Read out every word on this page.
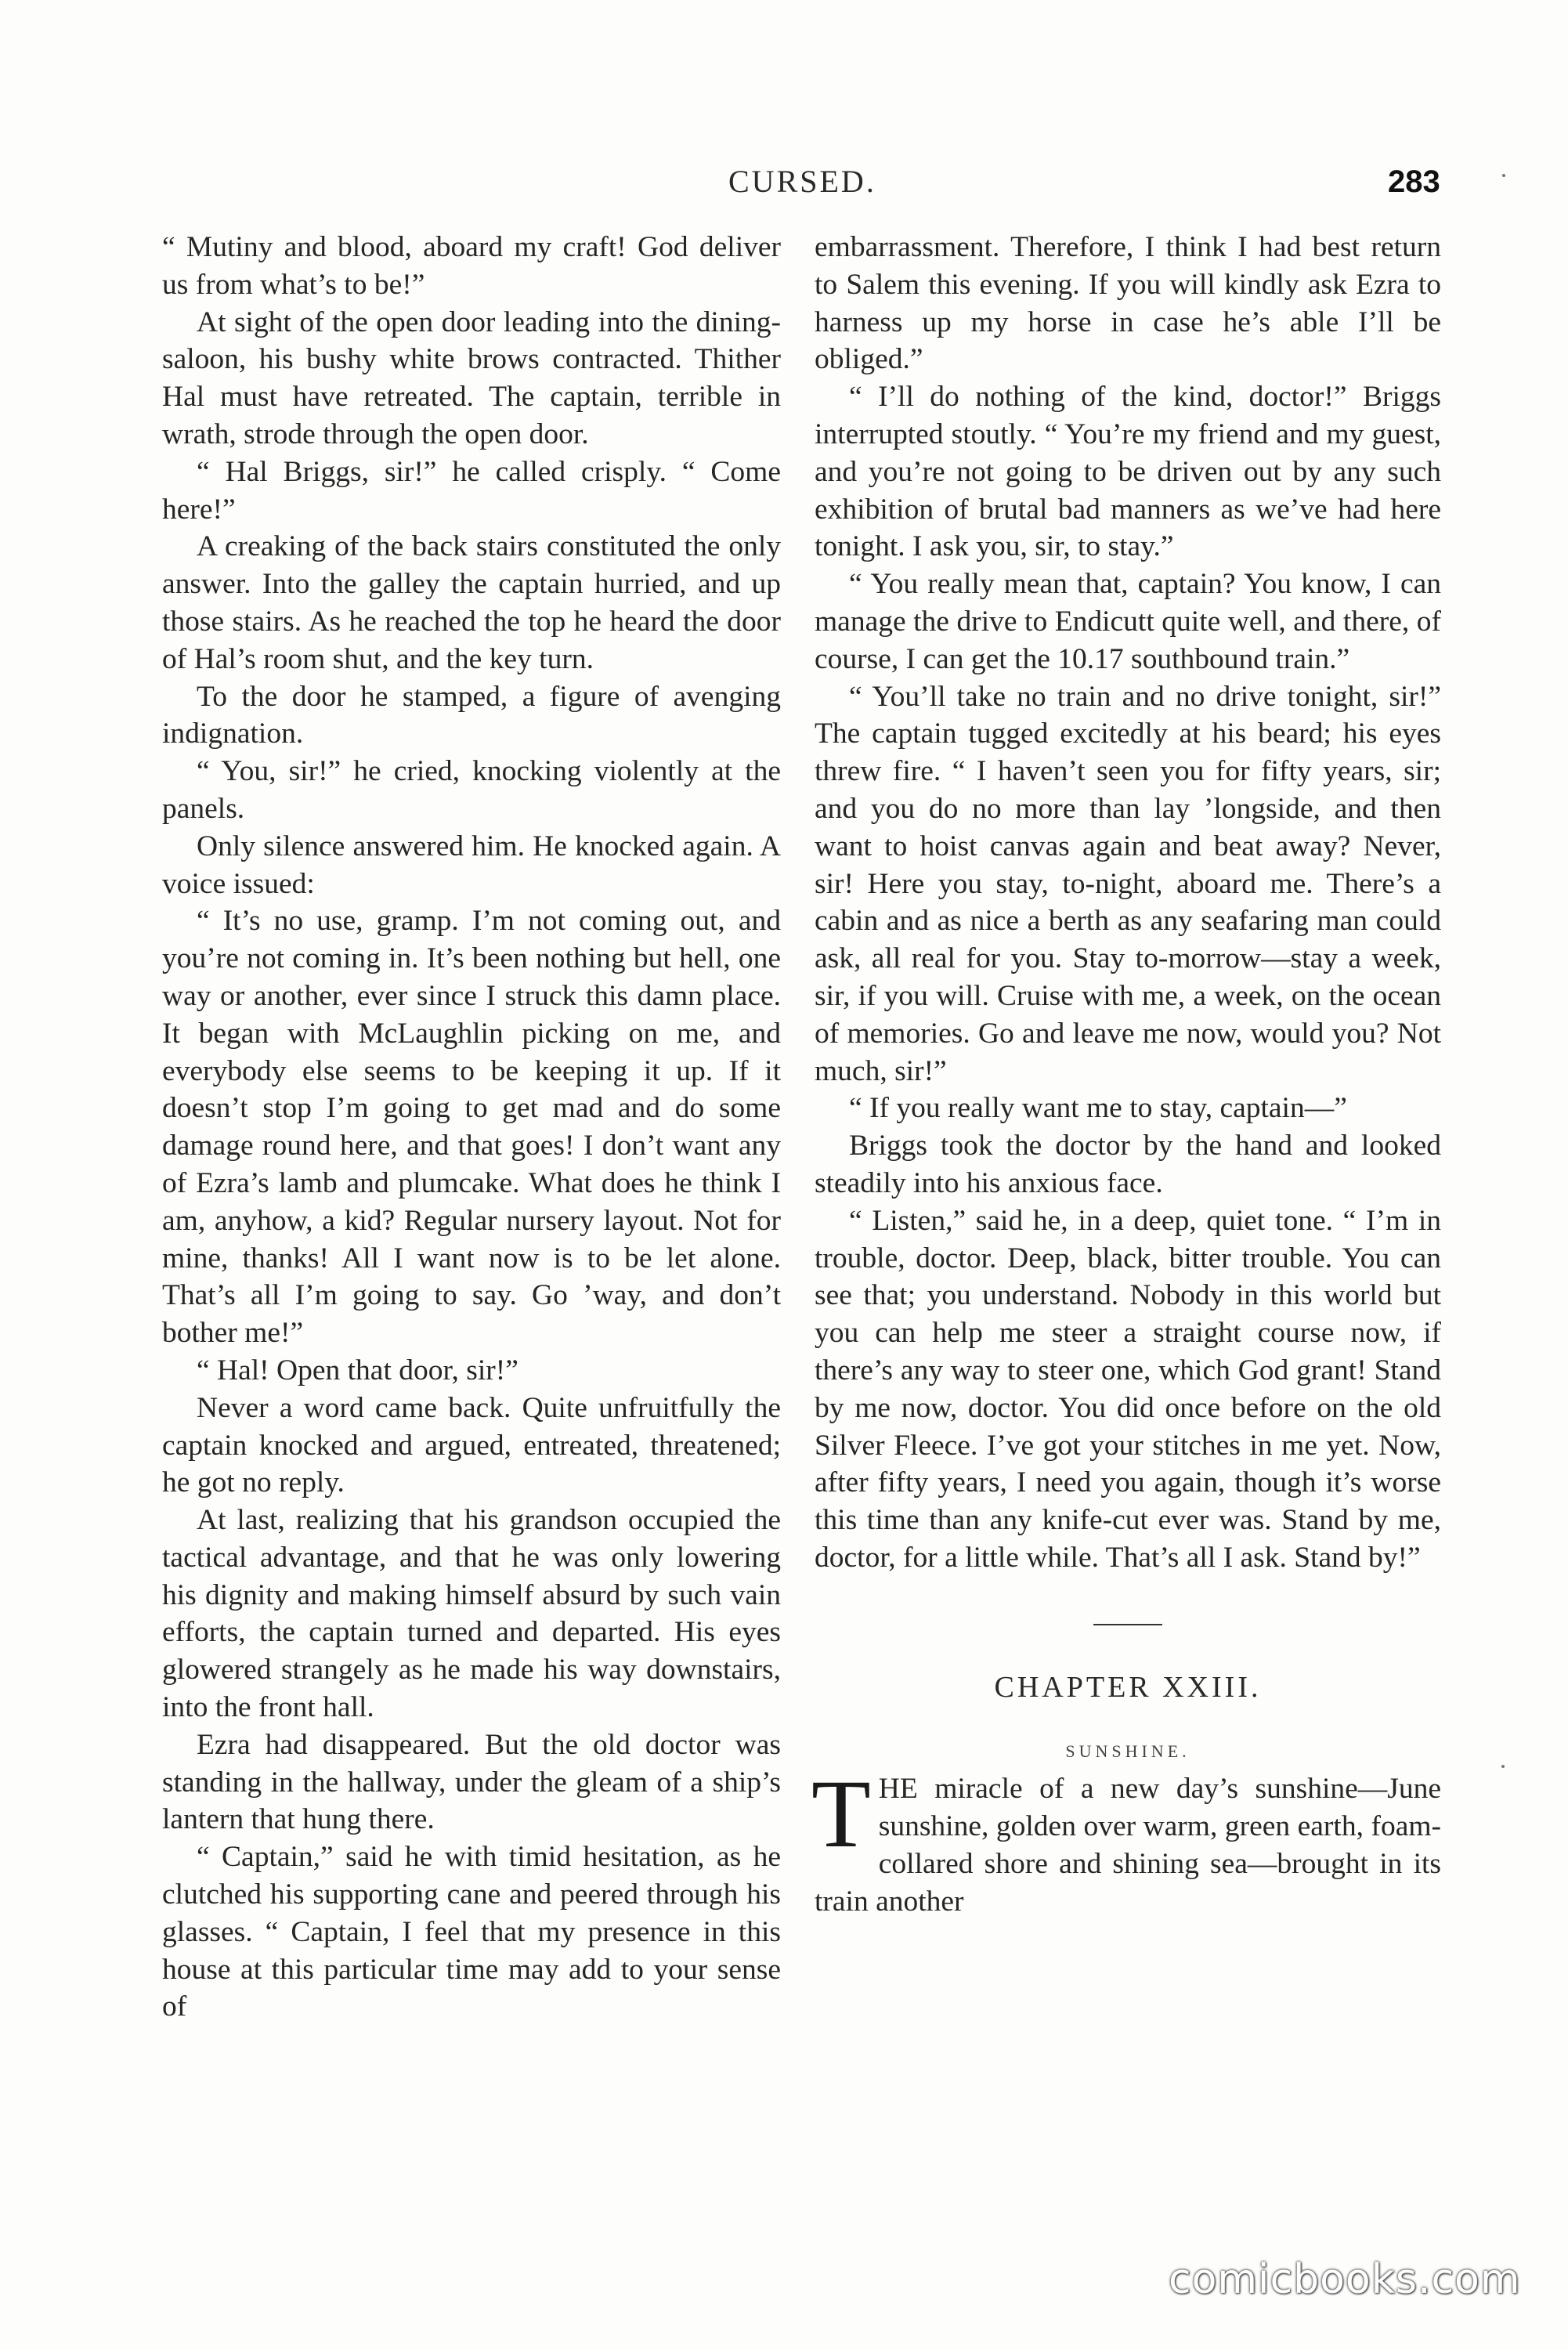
CURSED.	283

“ Mutiny and blood, aboard my craft! God deliver us from what’s to be!”

At sight of the open door leading into the dining-saloon, his bushy white brows contracted. Thither Hal must have retreated. The captain, terrible in wrath, strode through the open door.

“ Hal Briggs, sir!” he called crisply. “ Come here!”

A creaking of the back stairs constituted the only answer. Into the galley the captain hurried, and up those stairs. As he reached the top he heard the door of Hal’s room shut, and the key turn.

To the door he stamped, a figure of avenging indignation.

“ You, sir!” he cried, knocking violently at the panels.

Only silence answered him. He knocked again. A voice issued:

“ It’s no use, gramp. I’m not coming out, and you’re not coming in. It’s been nothing but hell, one way or another, ever since I struck this damn place. It began with McLaughlin picking on me, and everybody else seems to be keeping it up. If it doesn’t stop I’m going to get mad and do some damage round here, and that goes! I don’t want any of Ezra’s lamb and plumcake. What does he think I am, anyhow, a kid? Regular nursery layout. Not for mine, thanks! All I want now is to be let alone. That’s all I’m going to say. Go ’way, and don’t bother me!”

“ Hal! Open that door, sir!”

Never a word came back. Quite unfruitfully the captain knocked and argued, entreated, threatened; he got no reply.

At last, realizing that his grandson occupied the tactical advantage, and that he was only lowering his dignity and making himself absurd by such vain efforts, the captain turned and departed. His eyes glowered strangely as he made his way downstairs, into the front hall.

Ezra had disappeared. But the old doctor was standing in the hallway, under the gleam of a ship’s lantern that hung there.

“ Captain,” said he with timid hesitation, as he clutched his supporting cane and peered through his glasses. “ Captain, I feel that my presence in this house at this particular time may add to your sense of

embarrassment. Therefore, I think I had best return to Salem this evening. If you will kindly ask Ezra to harness up my horse in case he’s able I’ll be obliged.”

“ I’ll do nothing of the kind, doctor!” Briggs interrupted stoutly. “ You’re my friend and my guest, and you’re not going to be driven out by any such exhibition of brutal bad manners as we’ve had here tonight. I ask you, sir, to stay.”

“ You really mean that, captain? You know, I can manage the drive to Endicutt quite well, and there, of course, I can get the 10.17 southbound train.”

“ You’ll take no train and no drive tonight, sir!” The captain tugged excitedly at his beard; his eyes threw fire. “ I haven’t seen you for fifty years, sir; and you do no more than lay ’longside, and then want to hoist canvas again and beat away? Never, sir! Here you stay, to-night, aboard me. There’s a cabin and as nice a berth as any seafaring man could ask, all real for you. Stay to-morrow—stay a week, sir, if you will. Cruise with me, a week, on the ocean of memories. Go and leave me now, would you? Not much, sir!”

“ If you really want me to stay, captain—”

Briggs took the doctor by the hand and looked steadily into his anxious face.

“ Listen,” said he, in a deep, quiet tone. “ I’m in trouble, doctor. Deep, black, bitter trouble. You can see that; you understand. Nobody in this world but you can help me steer a straight course now, if there’s any way to steer one, which God grant! Stand by me now, doctor. You did once before on the old Silver Fleece. I’ve got your stitches in me yet. Now, after fifty years, I need you again, though it’s worse this time than any knife-cut ever was. Stand by me, doctor, for a little while. That’s all I ask. Stand by!”

CHAPTER XXIII.
SUNSHINE.

THE miracle of a new day’s sunshine—June sunshine, golden over warm, green earth, foam-collared shore and shining sea—brought in its train another

comicbooks.com
